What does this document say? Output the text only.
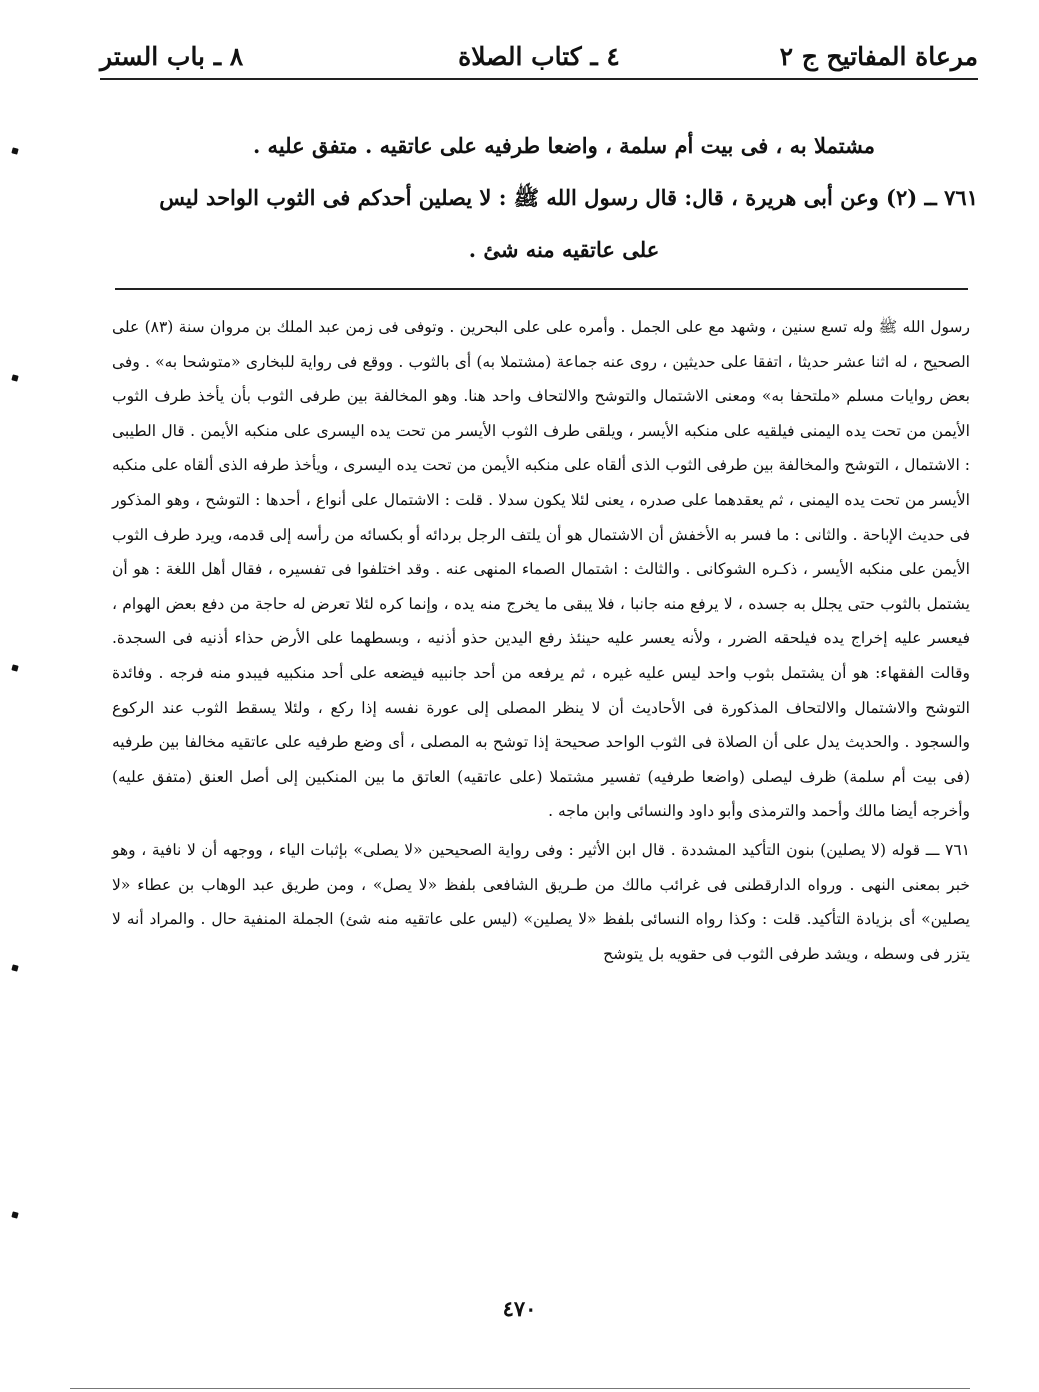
مرعاة المفاتيح ج ٢
٤ ـ كتاب الصلاة
٨ ـ باب الستر

مشتملا به ، فى بيت أم سلمة ، واضعا طرفيه على عاتقيه . متفق عليه .

٧٦١ ــ (٢) وعن أبى هريرة ، قال: قال رسول الله ﷺ : لا يصلين أحدكم فى الثوب الواحد ليس

على عاتقيه منه شئ .

رسول الله ﷺ وله تسع سنين ، وشهد مع على الجمل . وأمره على على البحرين . وتوفى فى زمن عبد الملك بن مروان سنة (٨٣) على الصحيح ، له اثنا عشر حديثا ، اتفقا على حديثين ، روى عنه جماعة (مشتملا به) أى بالثوب . ووقع فى رواية للبخارى «متوشحا به» . وفى بعض روايات مسلم «ملتحفا به» ومعنى الاشتمال والتوشح والالتحاف واحد هنا. وهو المخالفة بين طرفى الثوب بأن يأخذ طرف الثوب الأيمن من تحت يده اليمنى فيلقيه على منكبه الأيسر ، ويلقى طرف الثوب الأيسر من تحت يده اليسرى على منكبه الأيمن . قال الطيبى : الاشتمال ، التوشح والمخالفة بين طرفى الثوب الذى ألقاه على منكبه الأيمن من تحت يده اليسرى ، ويأخذ طرفه الذى ألقاه على منكبه الأيسر من تحت يده اليمنى ، ثم يعقدهما على صدره ، يعنى لئلا يكون سدلا . قلت : الاشتمال على أنواع ، أحدها : التوشح ، وهو المذكور فى حديث الإباحة . والثانى : ما فسر به الأخفش أن الاشتمال هو أن يلتف الرجل بردائه أو بكسائه من رأسه إلى قدمه، ويرد طرف الثوب الأيمن على منكبه الأيسر ، ذكـره الشوكانى . والثالث : اشتمال الصماء المنهى عنه . وقد اختلفوا فى تفسيره ، فقال أهل اللغة : هو أن يشتمل بالثوب حتى يجلل به جسده ، لا يرفع منه جانبا ، فلا يبقى ما يخرج منه يده ، وإنما كره لئلا تعرض له حاجة من دفع بعض الهوام ، فيعسر عليه إخراج يده فيلحقه الضرر ، ولأنه يعسر عليه حينئذ رفع اليدين حذو أذنيه ، وبسطهما على الأرض حذاء أذنيه فى السجدة. وقالت الفقهاء: هو أن يشتمل بثوب واحد ليس عليه غيره ، ثم يرفعه من أحد جانبيه فيضعه على أحد منكبيه فيبدو منه فرجه . وفائدة التوشح والاشتمال والالتحاف المذكورة فى الأحاديث أن لا ينظر المصلى إلى عورة نفسه إذا ركع ، ولئلا يسقط الثوب عند الركوع والسجود . والحديث يدل على أن الصلاة فى الثوب الواحد صحيحة إذا توشح به المصلى ، أى وضع طرفيه على عاتقيه مخالفا بين طرفيه (فى بيت أم سلمة) ظرف ليصلى (واضعا طرفيه) تفسير مشتملا (على عاتقيه) العاتق ما بين المنكبين إلى أصل العنق (متفق عليه) وأخرجه أيضا مالك وأحمد والترمذى وأبو داود والنسائى وابن ماجه .

٧٦١ ـــ قوله (لا يصلين) بنون التأكيد المشددة . قال ابن الأثير : وفى رواية الصحيحين «لا يصلى» بإثبات الياء ، ووجهه أن لا نافية ، وهو خبر بمعنى النهى . ورواه الدارقطنى فى غرائب مالك من طـريق الشافعى بلفظ «لا يصل» ، ومن طريق عبد الوهاب بن عطاء «لا يصلين» أى بزيادة التأكيد. قلت : وكذا رواه النسائى بلفظ «لا يصلين» (ليس على عاتقيه منه شئ) الجملة المنفية حال . والمراد أنه لا يتزر فى وسطه ، ويشد طرفى الثوب فى حقويه بل يتوشح

٤٧٠
